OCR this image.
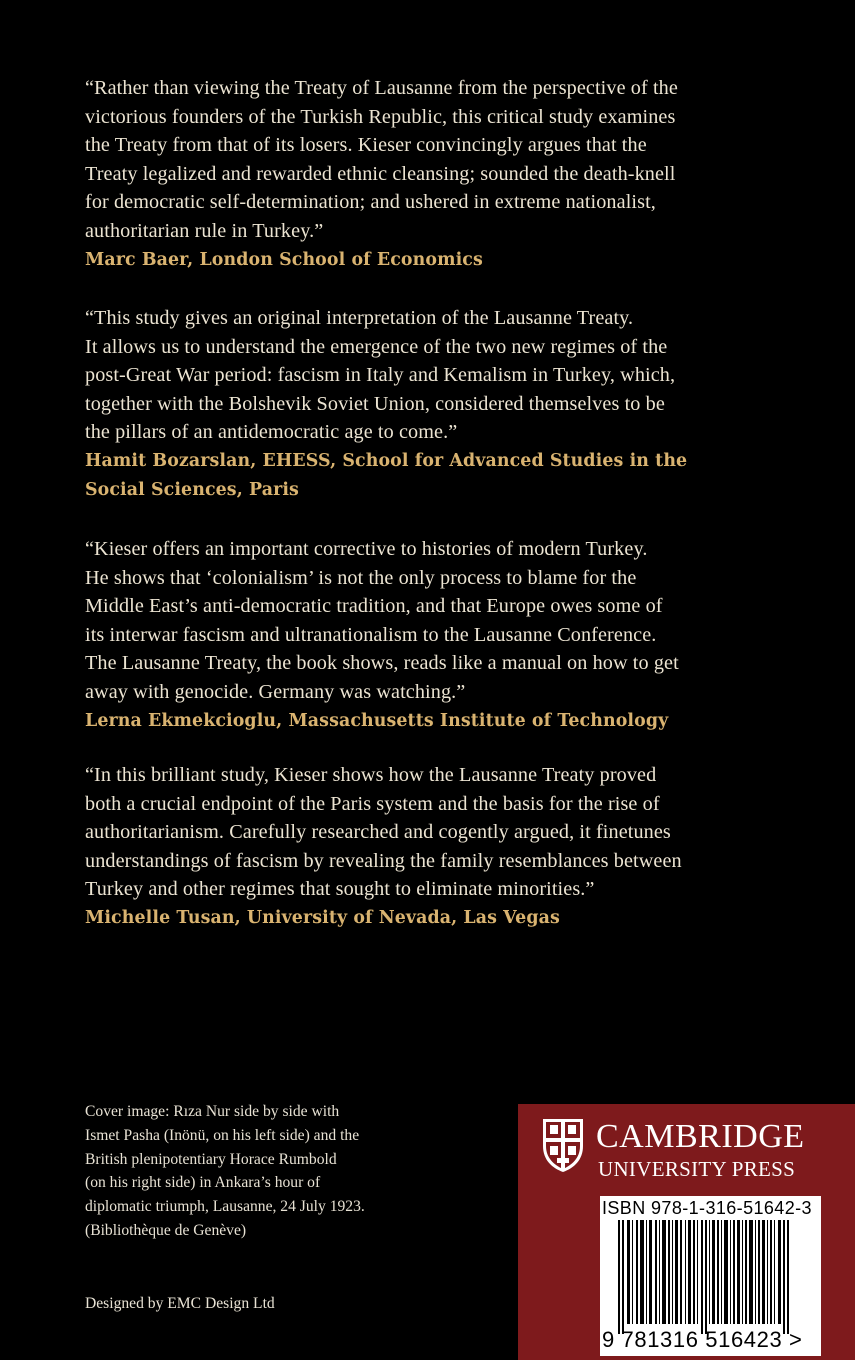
“Rather than viewing the Treaty of Lausanne from the perspective of the
victorious founders of the Turkish Republic, this critical study examines
the Treaty from that of its losers. Kieser convincingly argues that the
Treaty legalized and rewarded ethnic cleansing; sounded the death-knell
for democratic self-determination; and ushered in extreme nationalist,
authoritarian rule in Turkey.”

Marc Baer, London School of Economics

“This study gives an original interpretation of the Lausanne Treaty.
It allows us to understand the emergence of the two new regimes of the
post-Great War period: fascism in Italy and Kemalism in Turkey, which,
together with the Bolshevik Soviet Union, considered themselves to be
the pillars of an antidemocratic age to come.”

Hamit Bozarslan, EHESS, School for Advanced Studies in the
Social Sciences, Paris

“Kieser offers an important corrective to histories of modern Turkey.
He shows that ‘colonialism’ is not the only process to blame for the
Middle East’s anti-democratic tradition, and that Europe owes some of
its interwar fascism and ultranationalism to the Lausanne Conference.
The Lausanne Treaty, the book shows, reads like a manual on how to get
away with genocide. Germany was watching.”

Lerna Ekmekcioglu, Massachusetts Institute of Technology

“In this brilliant study, Kieser shows how the Lausanne Treaty proved
both a crucial endpoint of the Paris system and the basis for the rise of
authoritarianism. Carefully researched and cogently argued, it finetunes
understandings of fascism by revealing the family resemblances between
Turkey and other regimes that sought to eliminate minorities.”

Michelle Tusan, University of Nevada, Las Vegas

Cover image: Rıza Nur side by side with
Ismet Pasha (Inönü, on his left side) and the
British plenipotentiary Horace Rumbold
(on his right side) in Ankara’s hour of
diplomatic triumph, Lausanne, 24 July 1923.
(Bibliothèque de Genève)
Designed by EMC Design Ltd
CAMBRIDGE
UNIVERSITY PRESS
ISBN 978-1-316-51642-3
9 781316 516423 >
